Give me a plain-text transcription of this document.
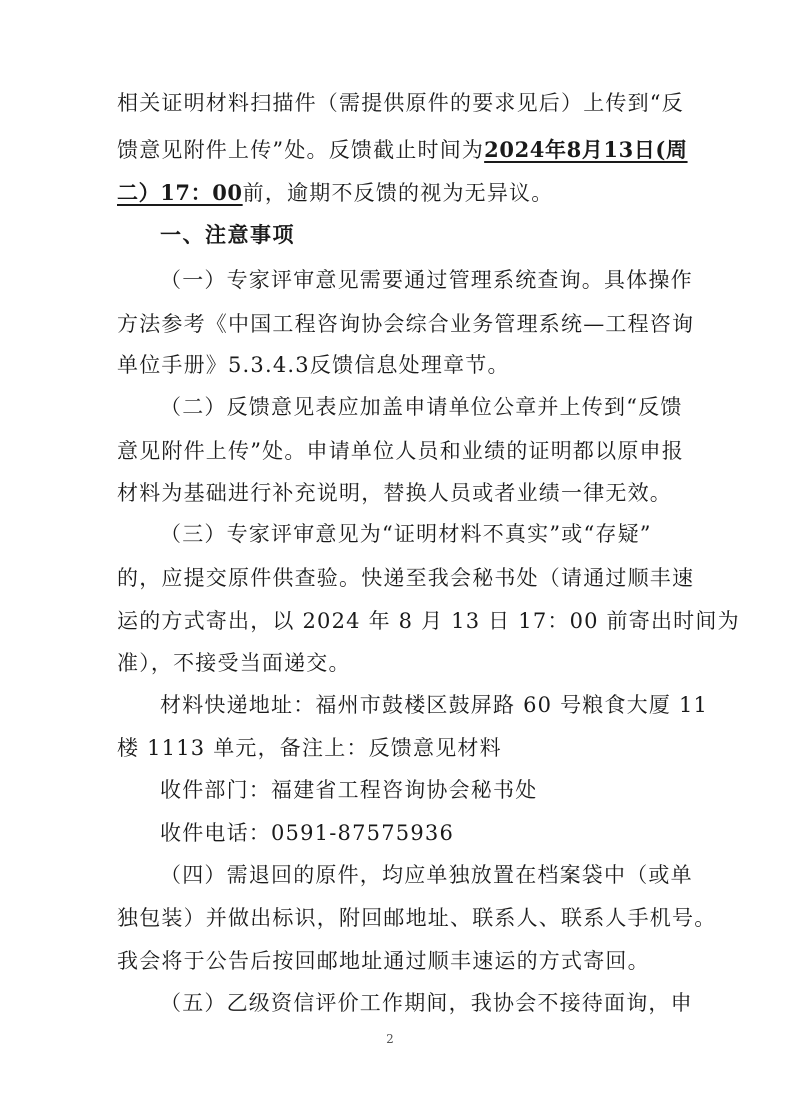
相关证明材料扫描件（需提供原件的要求见后）上传到“反
馈意见附件上传”处。反馈截止时间为2024年8月13日(周
二）17：00前，逾期不反馈的视为无异议。
一、注意事项
（一）专家评审意见需要通过管理系统查询。具体操作
方法参考《中国工程咨询协会综合业务管理系统—工程咨询
单位手册》5.3.4.3反馈信息处理章节。
（二）反馈意见表应加盖申请单位公章并上传到“反馈
意见附件上传”处。申请单位人员和业绩的证明都以原申报
材料为基础进行补充说明，替换人员或者业绩一律无效。
（三）专家评审意见为“证明材料不真实”或“存疑”
的，应提交原件供查验。快递至我会秘书处（请通过顺丰速
运的方式寄出，以 2024 年 8 月 13 日 17：00 前寄出时间为
准），不接受当面递交。
材料快递地址：福州市鼓楼区鼓屏路 60 号粮食大厦 11
楼 1113 单元，备注上：反馈意见材料
收件部门：福建省工程咨询协会秘书处
收件电话：0591-87575936
（四）需退回的原件，均应单独放置在档案袋中（或单
独包装）并做出标识，附回邮地址、联系人、联系人手机号。
我会将于公告后按回邮地址通过顺丰速运的方式寄回。
（五）乙级资信评价工作期间，我协会不接待面询，申
2
